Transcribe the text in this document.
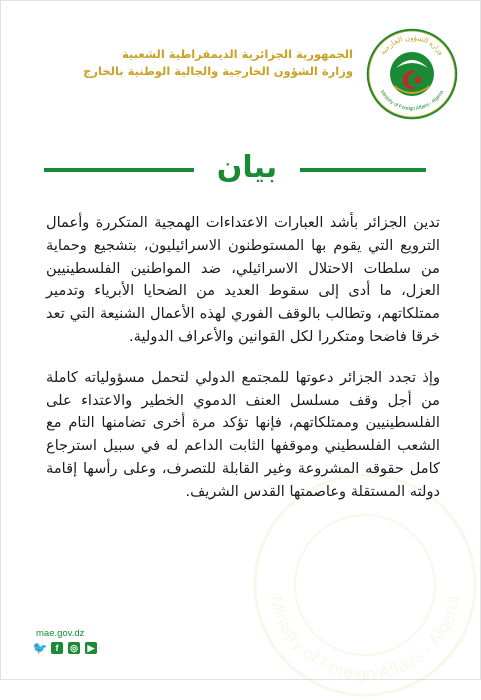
Ministry of Foreign Affairs - Algeria
وزارة الشؤون الخارجية
Ministry of Foreign Affairs - Algeria
الجمهورية الجزائرية الديمقراطية الشعبية
وزارة الشؤون الخارجية والجالية الوطنية بالخارج
بيان

تدين الجزائر بأشد العبارات الاعتداءات الهمجية المتكررة وأعمال الترويع التي يقوم بها المستوطنون الاسرائيليون، بتشجيع وحماية من سلطات الاحتلال الاسرائيلي، ضد المواطنين الفلسطينيين العزل، ما أدى إلى سقوط العديد من الضحايا الأبرياء وتدمير ممتلكاتهم، وتطالب بالوقف الفوري لهذه الأعمال الشنيعة التي تعد خرقا فاضحا ومتكررا لكل القوانين والأعراف الدولية.

وإذ تجدد الجزائر دعوتها للمجتمع الدولي لتحمل مسؤولياته كاملة من أجل وقف مسلسل العنف الدموي الخطير والاعتداء على الفلسطينيين وممتلكاتهم، فإنها تؤكد مرة أخرى تضامنها التام مع الشعب الفلسطيني وموقفها الثابت الداعم له في سبيل استرجاع كامل حقوقه المشروعة وغير القابلة للتصرف، وعلى رأسها إقامة دولته المستقلة وعاصمتها القدس الشريف.

mae.gov.dz
🐦 f	◎ ▶
